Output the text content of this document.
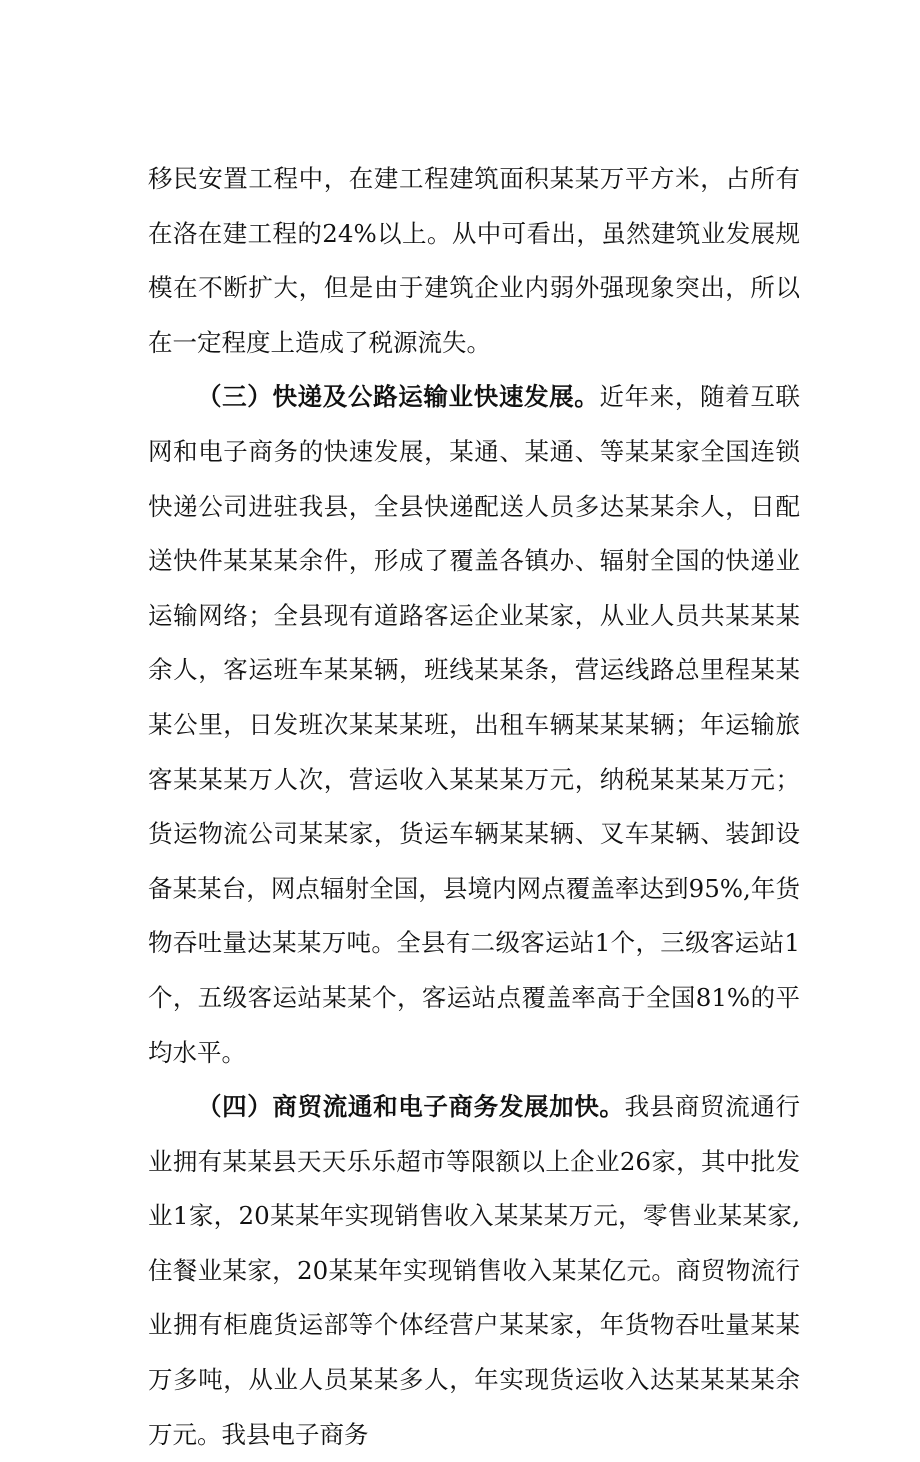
移民安置工程中，在建工程建筑面积某某万平方米，占所有在洛在建工程的24%以上。从中可看出，虽然建筑业发展规模在不断扩大，但是由于建筑企业内弱外强现象突出，所以在一定程度上造成了税源流失。

（三）快递及公路运输业快速发展。近年来，随着互联网和电子商务的快速发展，某通、某通、等某某家全国连锁快递公司进驻我县，全县快递配送人员多达某某余人，日配送快件某某某余件，形成了覆盖各镇办、辐射全国的快递业运输网络；全县现有道路客运企业某家，从业人员共某某某余人，客运班车某某辆，班线某某条，营运线路总里程某某某公里，日发班次某某某班，出租车辆某某某辆；年运输旅客某某某万人次，营运收入某某某万元，纳税某某某万元；货运物流公司某某家，货运车辆某某辆、叉车某辆、装卸设备某某台，网点辐射全国，县境内网点覆盖率达到95%,年货物吞吐量达某某万吨。全县有二级客运站1个，三级客运站1个，五级客运站某某个，客运站点覆盖率高于全国81%的平均水平。

（四）商贸流通和电子商务发展加快。我县商贸流通行业拥有某某县天天乐乐超市等限额以上企业26家，其中批发业1家，20某某年实现销售收入某某某万元，零售业某某家,住餐业某家，20某某年实现销售收入某某亿元。商贸物流行业拥有柜鹿货运部等个体经营户某某家，年货物吞吐量某某万多吨，从业人员某某多人，年实现货运收入达某某某某余万元。我县电子商务
